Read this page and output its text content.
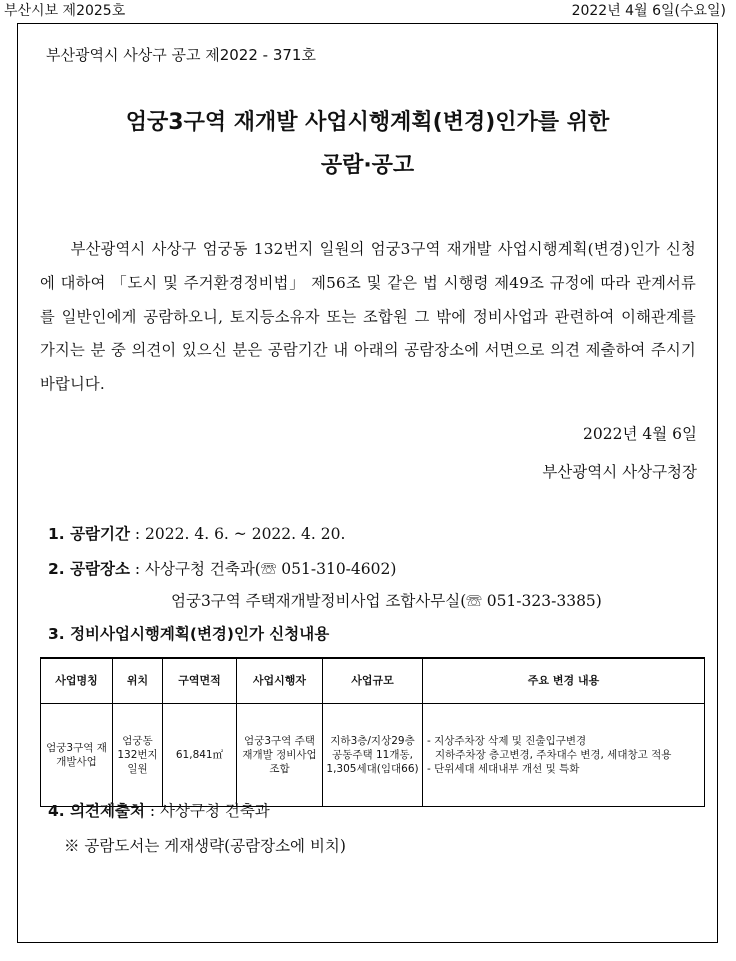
부산시보 제2025호	2022년 4월 6일(수요일)
부산광역시 사상구 공고 제2022 - 371호
엄궁3구역 재개발 사업시행계획(변경)인가를 위한
공람·공고
부산광역시 사상구 엄궁동 132번지 일원의 엄궁3구역 재개발 사업시행계획(변경)인가 신청에 대하여 「도시 및 주거환경정비법」 제56조 및 같은 법 시행령 제49조 규정에 따라 관계서류를 일반인에게 공람하오니, 토지등소유자 또는 조합원 그 밖에 정비사업과 관련하여 이해관계를 가지는 분 중 의견이 있으신 분은 공람기간 내 아래의 공람장소에 서면으로 의견 제출하여 주시기 바랍니다.
2022년 4월 6일
부산광역시 사상구청장
1. 공람기간 : 2022. 4. 6. ~ 2022. 4. 20.
2. 공람장소 : 사상구청 건축과(☏ 051-310-4602)
엄궁3구역 주택재개발정비사업 조합사무실(☏ 051-323-3385)
3. 정비사업시행계획(변경)인가 신청내용
사업명칭	위치	구역면적	사업시행자	사업규모	주요 변경 내용
엄궁3구역 재개발사업	엄궁동 132번지 일원	61,841㎡	엄궁3구역 주택재개발 정비사업조합	지하3층/지상29층 공동주택 11개동, 1,305세대(임대66)	- 지상주차장 삭제 및 진출입구변경
지하주차장 층고변경, 주차대수 변경, 세대창고 적용
- 단위세대 세대내부 개선 및 특화
4. 의견제출처 : 사상구청 건축과
※ 공람도서는 게재생략(공람장소에 비치)
